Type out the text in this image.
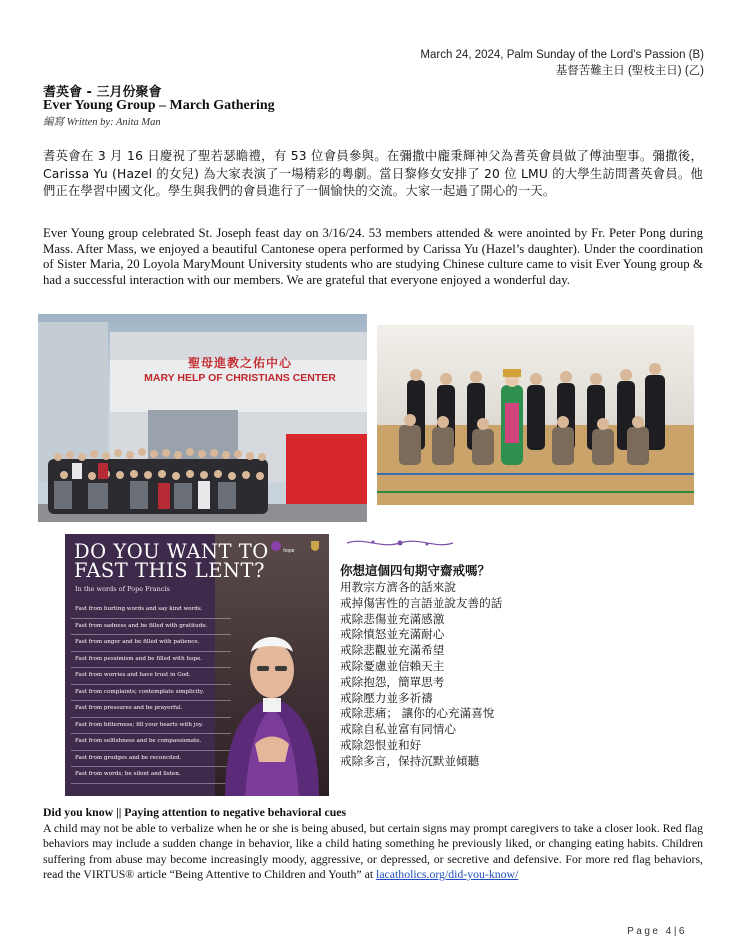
March 24, 2024, Palm Sunday of the Lord’s Passion (B)
基督苦難主日 (聖枝主日) (乙)
耆英會 - 三月份聚會
Ever Young Group – March Gathering
編寫 Written by: Anita Man
耆英會在 3 月 16 日慶祝了聖若瑟瞻禮，有 53 位會員參與。在彌撒中龐秉輝神父為耆英會員做了傅油聖事。彌撒後，Carissa Yu (Hazel 的女兒) 為大家表演了一場精彩的粵劇。當日黎修女安排了 20 位 LMU 的大學生訪問耆英會員。他們正在學習中國文化。學生與我們的會員進行了一個愉快的交流。大家一起過了開心的一天。
Ever Young group celebrated St. Joseph feast day on 3/16/24. 53 members attended & were anointed by Fr. Peter Pong during Mass. After Mass, we enjoyed a beautiful Cantonese opera performed by Carissa Yu (Hazel’s daughter). Under the coordination of Sister Maria, 20 Loyola MaryMount University students who are studying Chinese culture came to visit Ever Young group & had a successful interaction with our members. We are grateful that everyone enjoyed a wonderful day.
聖母進教之佑中心
MARY HELP OF CHRISTIANS CENTER
DO YOU WANT TO
FAST THIS LENT?
In the words of Pope Francis
hope
Fast from hurting words and say kind words.
Fast from sadness and be filled with gratitude.
Fast from anger and be filled with patience.
Fast from pessimism and be filled with hope.
Fast from worries and have trust in God.
Fast from complaints; contemplate simplicity.
Fast from pressures and be prayerful.
Fast from bitterness; fill your hearts with joy.
Fast from selfishness and be compassionate.
Fast from grudges and be reconciled.
Fast from words; be silent and listen.
你想這個四旬期守齋戒嗎？
用教宗方濟各的話來說
戒掉傷害性的言語並說友善的話
戒除悲傷並充滿感激
戒除憤怒並充滿耐心
戒除悲觀並充滿希望
戒除憂慮並信賴天主
戒除抱怨，簡單思考
戒除壓力並多祈禱
戒除悲痛； 讓你的心充滿喜悅
戒除自私並富有同情心
戒除怨恨並和好
戒除多言，保持沉默並傾聽
Did you know || Paying attention to negative behavioral cues
A child may not be able to verbalize when he or she is being abused, but certain signs may prompt caregivers to take a closer look. Red flag behaviors may include a sudden change in behavior, like a child hating something he previously liked, or changing eating habits. Children suffering from abuse may become increasingly moody, aggressive, or depressed, or secretive and defensive. For more red flag behaviors, read the VIRTUS® article “Being Attentive to Children and Youth” at lacatholics.org/did-you-know/
Page 4|6
